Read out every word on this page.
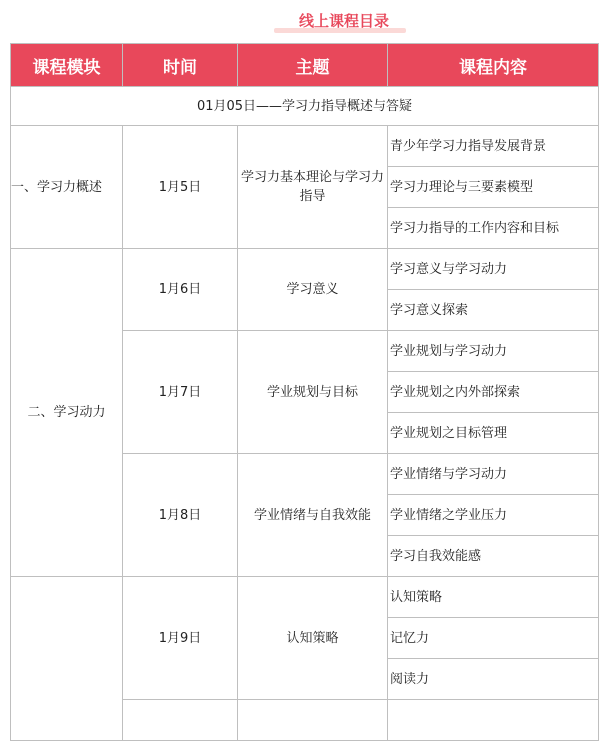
线上课程目录
课程模块	时间	主题	课程内容
01月05日——学习力指导概述与答疑			
一、学习力概述	1月5日	学习力基本理论与学习力指导	青少年学习力指导发展背景
			学习力理论与三要素模型
			学习力指导的工作内容和目标
二、学习动力	1月6日	学习意义	学习意义与学习动力
			学习意义探索
	1月7日	学业规划与目标	学业规划与学习动力
			学业规划之内外部探索
			学业规划之目标管理
	1月8日	学业情绪与自我效能	学业情绪与学习动力
			学业情绪之学业压力
			学习自我效能感
	1月9日	认知策略	认知策略
			记忆力
			阅读力
